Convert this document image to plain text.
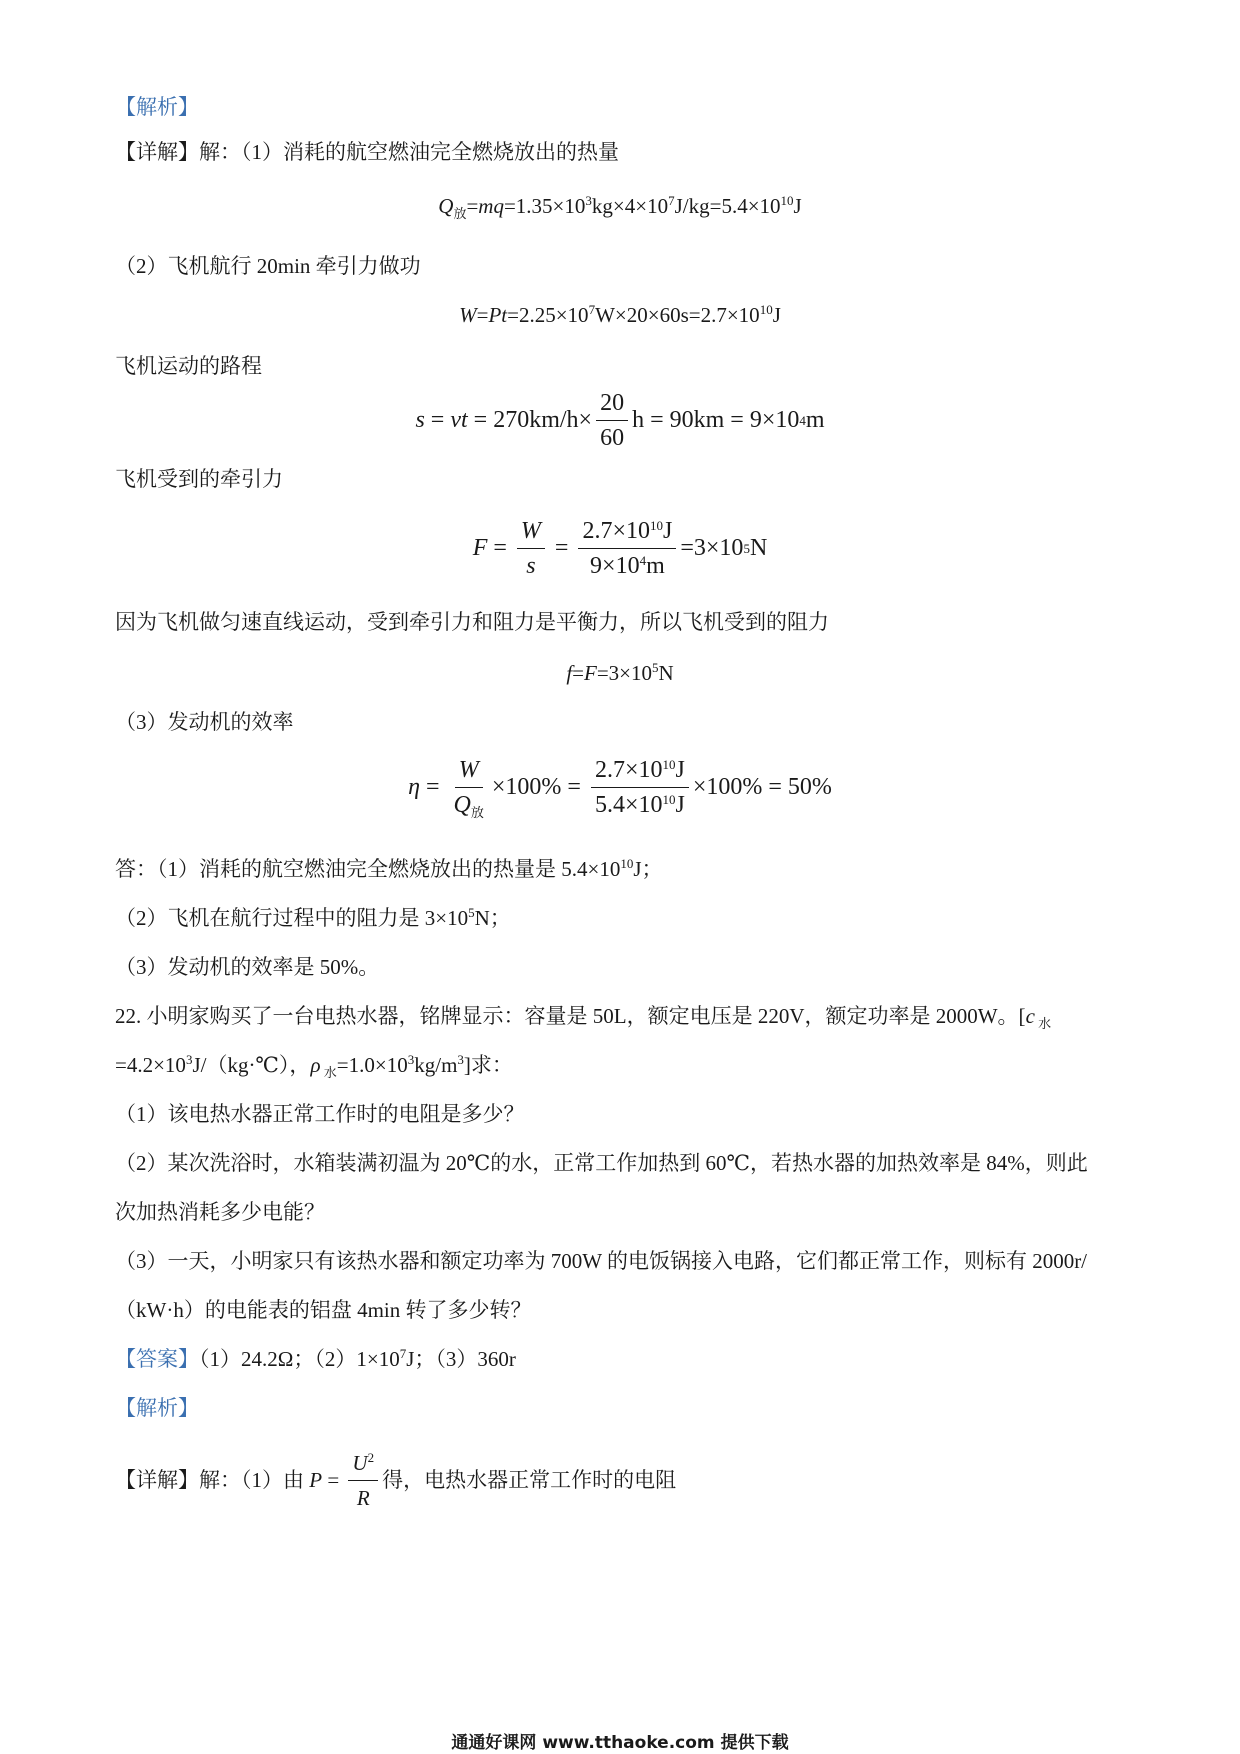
【解析】
【详解】解：（1）消耗的航空燃油完全燃烧放出的热量
$Q_放=mq=1.35\times 10^3kg\times 4\times 10^7J/kg=5.4\times 10^{10}J$
（2）飞机航行 20min 牵引力做功
$W=Pt=2.25\times 10^7W\times 20\times 60s=2.7\times 10^{10}J$
飞机运动的路程
s = vt = $270km/h\times \frac{20}{60}$ h = 90km = 9×10 4 m
飞机受到的牵引力
$F = \frac{W}{s} = \frac{2.7\times 10^{10}J}{9\times 10^4m} =3\times 10$ 5 N
因为飞机做匀速直线运动，受到牵引力和阻力是平衡力，所以飞机受到的阻力
$f=F=3\times 10^5N$
（3）发动机的效率
$\eta = \frac{W}{Q_放} \times 100\% = \frac{2.7\times 10^{10}J}{5.4\times 10^{10}J} \times 100\% = 50\%$
答：（1）消耗的航空燃油完全燃烧放出的热量是 $5.4\times 10^{10}J$；
（2）飞机在航行过程中的阻力是 $3\times 10^5N$；
（3）发动机的效率是 50%。
22. 小明家购买了一台电热水器，铭牌显示：容量是 50L，额定电压是 220V，额定功率是 2000W。[c $_水$
$=4.2\times 10^3J/(kg\cdot℃)$，ρ $_水=1.0\times 10^3kg/m^3$]求：
（1）该电热水器正常工作时的电阻是多少？
（2）某次洗浴时，水箱装满初温为 20℃的水，正常工作加热到 60℃，若热水器的加热效率是 84%，则此
次加热消耗多少电能？
（3）一天，小明家只有该热水器和额定功率为 700W 的电饭锅接入电路，它们都正常工作，则标有 2000r/
（kW·h）的电能表的铝盘 4min 转了多少转？
【答案】（1）24.2Ω；$(2)1\times 10^7J$；（3）360r
【解析】
【详解】 解：（1）由 $P = \frac{U^2}{R}$ 得，电热水器正常工作时的电阻
通通好课网 www.tthaoke.com 提供下载
